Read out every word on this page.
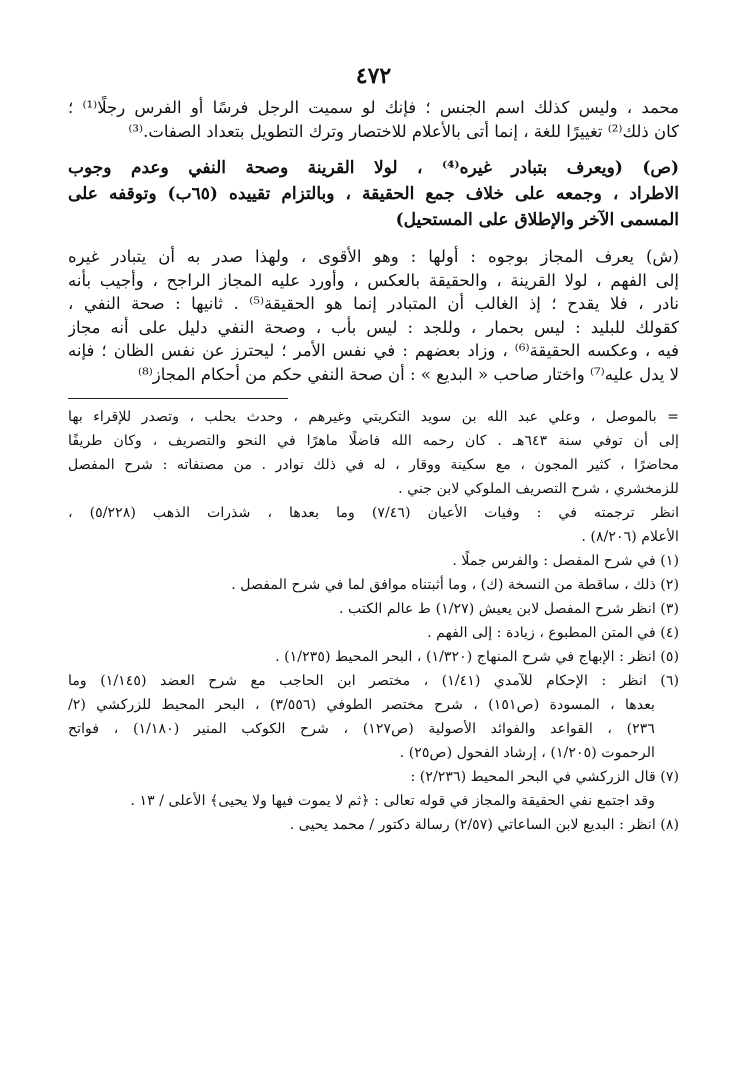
٤٧٢
محمد ، وليس كذلك اسم الجنس ؛ فإنك لو سميت الرجل فرسًا أو الفرس رجلًا⁽¹⁾ ؛
كان ذلك⁽²⁾ تغييرًا للغة ، إنما أتى بالأعلام للاختصار وترك التطويل بتعداد الصفات.⁽³⁾
(ص) (ويعرف بتبادر غيره⁽⁴⁾ ، لولا القرينة وصحة النفي وعدم وجوب
الاطراد ، وجمعه على خلاف جمع الحقيقة ، وبالتزام تقييده (٦٥ب) وتوقفه على
المسمى الآخر والإطلاق على المستحيل)
(ش) يعرف المجاز بوجوه : أولها : وهو الأقوى ، ولهذا صدر به أن يتبادر غيره
إلى الفهم ، لولا القرينة ، والحقيقة بالعكس ، وأورد عليه المجاز الراجح ، وأجيب بأنه
نادر ، فلا يقدح ؛ إذ الغالب أن المتبادر إنما هو الحقيقة⁽⁵⁾ . ثانيها : صحة النفي ،
كقولك للبليد : ليس بحمار ، وللجد : ليس بأب ، وصحة النفي دليل على أنه مجاز
فيه ، وعكسه الحقيقة⁽⁶⁾ ، وزاد بعضهم : في نفس الأمر ؛ ليحترز عن نفس الظان ؛ فإنه
لا يدل عليه⁽⁷⁾ واختار صاحب « البديع » : أن صحة النفي حكم من أحكام المجاز⁽⁸⁾
= بالموصل ، وعلي عبد الله بن سويد التكريتي وغيرهم ، وحدث بحلب ، وتصدر للإقراء بها
إلى أن توفي سنة ٦٤٣هـ . كان رحمه الله فاضلًا ماهرًا في النحو والتصريف ، وكان طريفًا
محاضرًا ، كثير المجون ، مع سكينة ووقار ، له في ذلك نوادر . من مصنفاته : شرح المفصل
للزمخشري ، شرح التصريف الملوكي لابن جني .
انظر ترجمته في : وفيات الأعيان (٧/٤٦) وما بعدها ، شذرات الذهب (٥/٢٢٨) ،
الأعلام (٨/٢٠٦) .
(١) في شرح المفصل : والفرس جملًا .
(٢) ذلك ، ساقطة من النسخة (ك) ، وما أثبتناه موافق لما في شرح المفصل .
(٣) انظر شرح المفصل لابن يعيش (١/٢٧) ط عالم الكتب .
(٤) في المتن المطبوع ، زيادة : إلى الفهم .
(٥) انظر : الإبهاج في شرح المنهاج (١/٣٢٠) ، البحر المحيط (١/٢٣٥) .
(٦) انظر : الإحكام للآمدي (١/٤١) ، مختصر ابن الحاجب مع شرح العضد (١/١٤٥) وما
بعدها ، المسودة (ص١٥١) ، شرح مختصر الطوفي (٣/٥٥٦) ، البحر المحيط للزركشي (٢/
٢٣٦) ، القواعد والفوائد الأصولية (ص١٢٧) ، شرح الكوكب المنير (١/١٨٠) ، فواتح
الرحموت (١/٢٠٥) ، إرشاد الفحول (ص٢٥) .
(٧) قال الزركشي في البحر المحيط (٢/٢٣٦) :
وقد اجتمع نفي الحقيقة والمجاز في قوله تعالى : ﴿ثم لا يموت فيها ولا يحيى﴾ الأعلى / ١٣ .
(٨) انظر : البديع لابن الساعاتي (٢/٥٧) رسالة دكتور / محمد يحيى .
